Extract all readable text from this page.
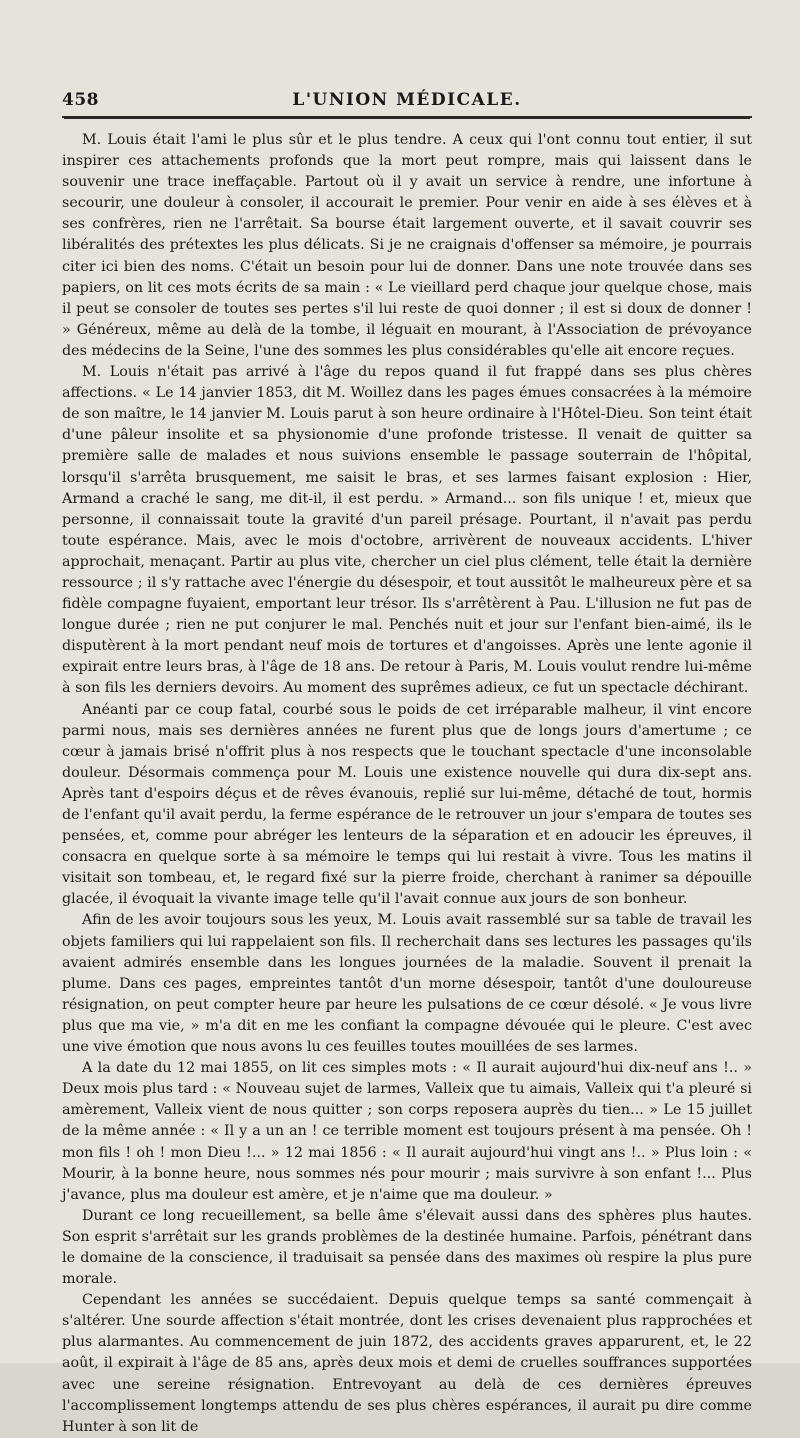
458	L'UNION MÉDICALE.

M. Louis était l'ami le plus sûr et le plus tendre. A ceux qui l'ont connu tout entier, il sut inspirer ces attachements profonds que la mort peut rompre, mais qui laissent dans le souvenir une trace ineffaçable. Partout où il y avait un service à rendre, une infortune à secourir, une douleur à consoler, il accourait le premier. Pour venir en aide à ses élèves et à ses confrères, rien ne l'arrêtait. Sa bourse était largement ouverte, et il savait couvrir ses libéralités des prétextes les plus délicats. Si je ne craignais d'offenser sa mémoire, je pourrais citer ici bien des noms. C'était un besoin pour lui de donner. Dans une note trouvée dans ses papiers, on lit ces mots écrits de sa main : « Le vieillard perd chaque jour quelque chose, mais il peut se consoler de toutes ses pertes s'il lui reste de quoi donner ; il est si doux de donner ! » Généreux, même au delà de la tombe, il léguait en mourant, à l'Association de prévoyance des médecins de la Seine, l'une des sommes les plus considérables qu'elle ait encore reçues.

M. Louis n'était pas arrivé à l'âge du repos quand il fut frappé dans ses plus chères affections. « Le 14 janvier 1853, dit M. Woillez dans les pages émues consacrées à la mémoire de son maître, le 14 janvier M. Louis parut à son heure ordinaire à l'Hôtel-Dieu. Son teint était d'une pâleur insolite et sa physionomie d'une profonde tristesse. Il venait de quitter sa première salle de malades et nous suivions ensemble le passage souterrain de l'hôpital, lorsqu'il s'arrêta brusquement, me saisit le bras, et ses larmes faisant explosion : Hier, Armand a craché le sang, me dit-il, il est perdu. » Armand... son fils unique ! et, mieux que personne, il connaissait toute la gravité d'un pareil présage. Pourtant, il n'avait pas perdu toute espérance. Mais, avec le mois d'octobre, arrivèrent de nouveaux accidents. L'hiver approchait, menaçant. Partir au plus vite, chercher un ciel plus clément, telle était la dernière ressource ; il s'y rattache avec l'énergie du désespoir, et tout aussitôt le malheureux père et sa fidèle compagne fuyaient, emportant leur trésor. Ils s'arrêtèrent à Pau. L'illusion ne fut pas de longue durée ; rien ne put conjurer le mal. Penchés nuit et jour sur l'enfant bien-aimé, ils le disputèrent à la mort pendant neuf mois de tortures et d'angoisses. Après une lente agonie il expirait entre leurs bras, à l'âge de 18 ans. De retour à Paris, M. Louis voulut rendre lui-même à son fils les derniers devoirs. Au moment des suprêmes adieux, ce fut un spectacle déchirant.

Anéanti par ce coup fatal, courbé sous le poids de cet irréparable malheur, il vint encore parmi nous, mais ses dernières années ne furent plus que de longs jours d'amertume ; ce cœur à jamais brisé n'offrit plus à nos respects que le touchant spectacle d'une inconsolable douleur. Désormais commença pour M. Louis une existence nouvelle qui dura dix-sept ans. Après tant d'espoirs déçus et de rêves évanouis, replié sur lui-même, détaché de tout, hormis de l'enfant qu'il avait perdu, la ferme espérance de le retrouver un jour s'empara de toutes ses pensées, et, comme pour abréger les lenteurs de la séparation et en adoucir les épreuves, il consacra en quelque sorte à sa mémoire le temps qui lui restait à vivre. Tous les matins il visitait son tombeau, et, le regard fixé sur la pierre froide, cherchant à ranimer sa dépouille glacée, il évoquait la vivante image telle qu'il l'avait connue aux jours de son bonheur.

Afin de les avoir toujours sous les yeux, M. Louis avait rassemblé sur sa table de travail les objets familiers qui lui rappelaient son fils. Il recherchait dans ses lectures les passages qu'ils avaient admirés ensemble dans les longues journées de la maladie. Souvent il prenait la plume. Dans ces pages, empreintes tantôt d'un morne désespoir, tantôt d'une douloureuse résignation, on peut compter heure par heure les pulsations de ce cœur désolé. « Je vous livre plus que ma vie, » m'a dit en me les confiant la compagne dévouée qui le pleure. C'est avec une vive émotion que nous avons lu ces feuilles toutes mouillées de ses larmes.

A la date du 12 mai 1855, on lit ces simples mots : « Il aurait aujourd'hui dix-neuf ans !.. » Deux mois plus tard : « Nouveau sujet de larmes, Valleix que tu aimais, Valleix qui t'a pleuré si amèrement, Valleix vient de nous quitter ; son corps reposera auprès du tien... » Le 15 juillet de la même année : « Il y a un an ! ce terrible moment est toujours présent à ma pensée. Oh ! mon fils ! oh ! mon Dieu !... » 12 mai 1856 : « Il aurait aujourd'hui vingt ans !.. » Plus loin : « Mourir, à la bonne heure, nous sommes nés pour mourir ; mais survivre à son enfant !... Plus j'avance, plus ma douleur est amère, et je n'aime que ma douleur. »

Durant ce long recueillement, sa belle âme s'élevait aussi dans des sphères plus hautes. Son esprit s'arrêtait sur les grands problèmes de la destinée humaine. Parfois, pénétrant dans le domaine de la conscience, il traduisait sa pensée dans des maximes où respire la plus pure morale.

Cependant les années se succédaient. Depuis quelque temps sa santé commençait à s'altérer. Une sourde affection s'était montrée, dont les crises devenaient plus rapprochées et plus alarmantes. Au commencement de juin 1872, des accidents graves apparurent, et, le 22 août, il expirait à l'âge de 85 ans, après deux mois et demi de cruelles souffrances supportées avec une sereine résignation. Entrevoyant au delà de ces dernières épreuves l'accomplissement longtemps attendu de ses plus chères espérances, il aurait pu dire comme Hunter à son lit de
